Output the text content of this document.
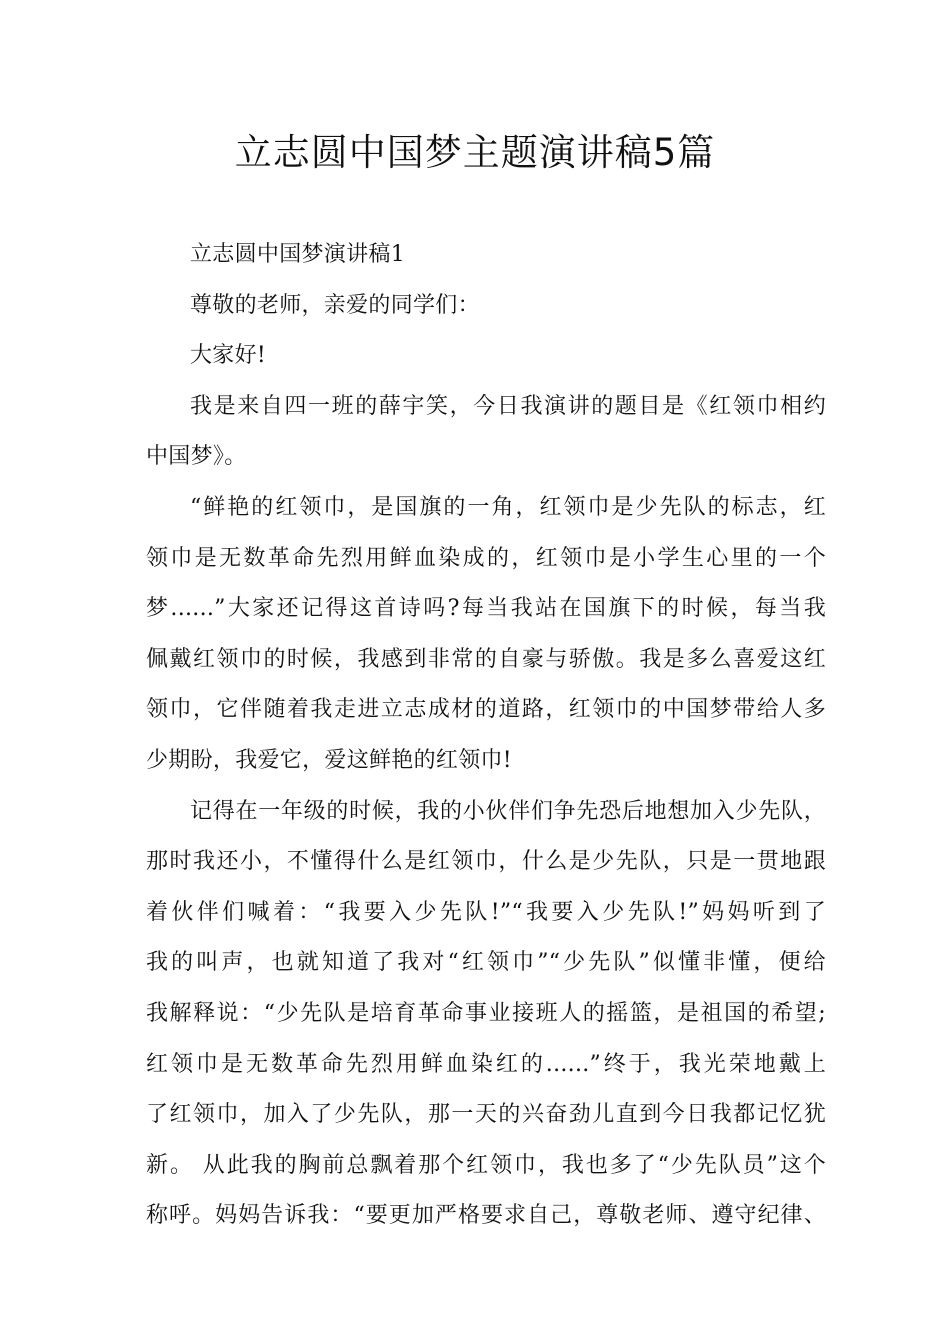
立志圆中国梦主题演讲稿5篇
立志圆中国梦演讲稿1
尊敬的老师，亲爱的同学们：
大家好!
我是来自四一班的薛宇笑，今日我演讲的题目是《红领巾相约
中国梦》。
“鲜艳的红领巾，是国旗的一角，红领巾是少先队的标志，红
领巾是无数革命先烈用鲜血染成的，红领巾是小学生心里的一个
梦......”大家还记得这首诗吗?每当我站在国旗下的时候，每当我
佩戴红领巾的时候，我感到非常的自豪与骄傲。我是多么喜爱这红
领巾，它伴随着我走进立志成材的道路，红领巾的中国梦带给人多
少期盼，我爱它，爱这鲜艳的红领巾!
记得在一年级的时候，我的小伙伴们争先恐后地想加入少先队，
那时我还小，不懂得什么是红领巾，什么是少先队，只是一贯地跟
着伙伴们喊着：“我要入少先队!”“我要入少先队!”妈妈听到了
我的叫声，也就知道了我对“红领巾”“少先队”似懂非懂，便给
我解释说：“少先队是培育革命事业接班人的摇篮，是祖国的希望;
红领巾是无数革命先烈用鲜血染红的......”终于，我光荣地戴上
了红领巾，加入了少先队，那一天的兴奋劲儿直到今日我都记忆犹
新。 从此我的胸前总飘着那个红领巾，我也多了“少先队员”这个
称呼。妈妈告诉我：“要更加严格要求自己，尊敬老师、遵守纪律、
